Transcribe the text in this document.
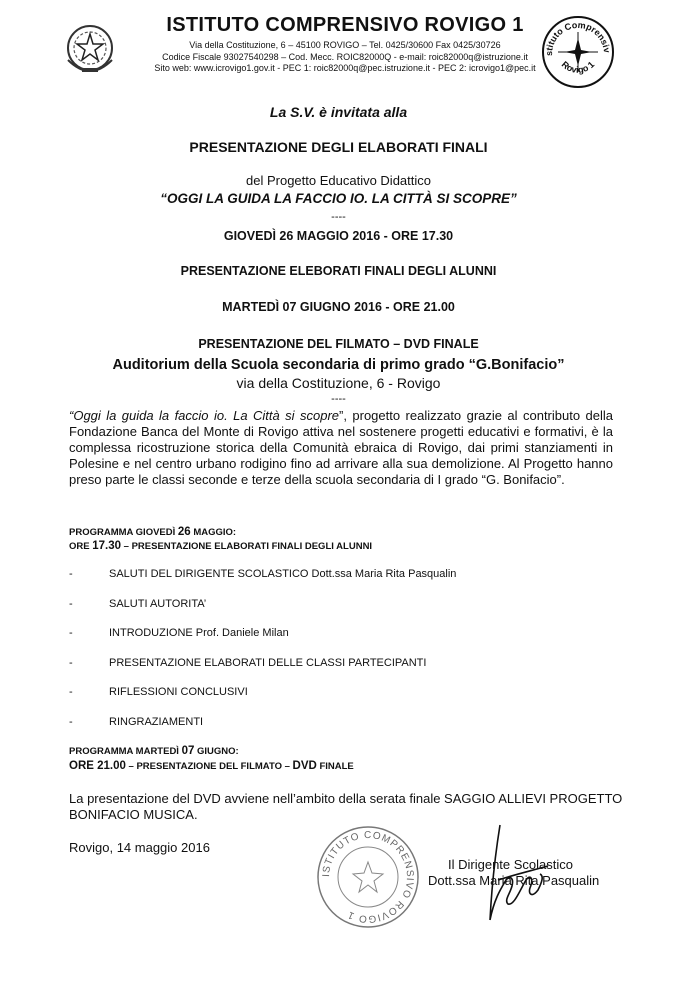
ISTITUTO COMPRENSIVO ROVIGO 1
Via della Costituzione, 6 – 45100 ROVIGO – Tel. 0425/30600 Fax 0425/30726
Codice Fiscale 93027540298 – Cod. Mecc. ROIC82000Q - e-mail: roic82000q@istruzione.it
Sito web: www.icrovigo1.gov.it - PEC 1: roic82000q@pec.istruzione.it - PEC 2: icrovigo1@pec.it
stituto Comprensiv
Rovigo 1
La S.V. è invitata alla
PRESENTAZIONE DEGLI ELABORATI FINALI
del Progetto Educativo Didattico
“OGGI LA GUIDA LA FACCIO IO. LA CITTÀ SI SCOPRE”
----
GIOVEDÌ 26 MAGGIO 2016 - ORE 17.30
PRESENTAZIONE ELEBORATI FINALI DEGLI ALUNNI
MARTEDÌ 07 GIUGNO 2016 - ORE 21.00
PRESENTAZIONE DEL FILMATO – DVD FINALE
Auditorium della Scuola secondaria di primo grado “G.Bonifacio”
via della Costituzione, 6 - Rovigo
----
“Oggi la guida la faccio io. La Città si scopre”, progetto realizzato grazie al contributo della Fondazione Banca del Monte di Rovigo attiva nel sostenere progetti educativi e formativi, è la complessa ricostruzione storica della Comunità ebraica di Rovigo, dai primi stanziamenti in Polesine e nel centro urbano rodigino fino ad arrivare alla sua demolizione. Al Progetto hanno preso parte le classi seconde e terze della scuola secondaria di I grado “G. Bonifacio”.
PROGRAMMA GIOVEDÌ 26 MAGGIO:
ORE 17.30 – PRESENTAZIONE ELABORATI FINALI DEGLI ALUNNI
-	SALUTI DEL DIRIGENTE SCOLASTICO Dott.ssa Maria Rita Pasqualin
-	SALUTI AUTORITA’
-	INTRODUZIONE Prof. Daniele Milan
-	PRESENTAZIONE ELABORATI DELLE CLASSI PARTECIPANTI
-	RIFLESSIONI CONCLUSIVI
-	RINGRAZIAMENTI
PROGRAMMA MARTEDÌ 07 GIUGNO:
ORE 21.00 – PRESENTAZIONE DEL FILMATO – DVD FINALE
La presentazione del DVD avviene nell’ambito della serata finale SAGGIO ALLIEVI PROGETTO BONIFACIO MUSICA.
Rovigo, 14 maggio 2016
ISTITUTO COMPRENSIVO ROVIGO 1
Il Dirigente Scolastico
Dott.ssa Maria Rita Pasqualin
